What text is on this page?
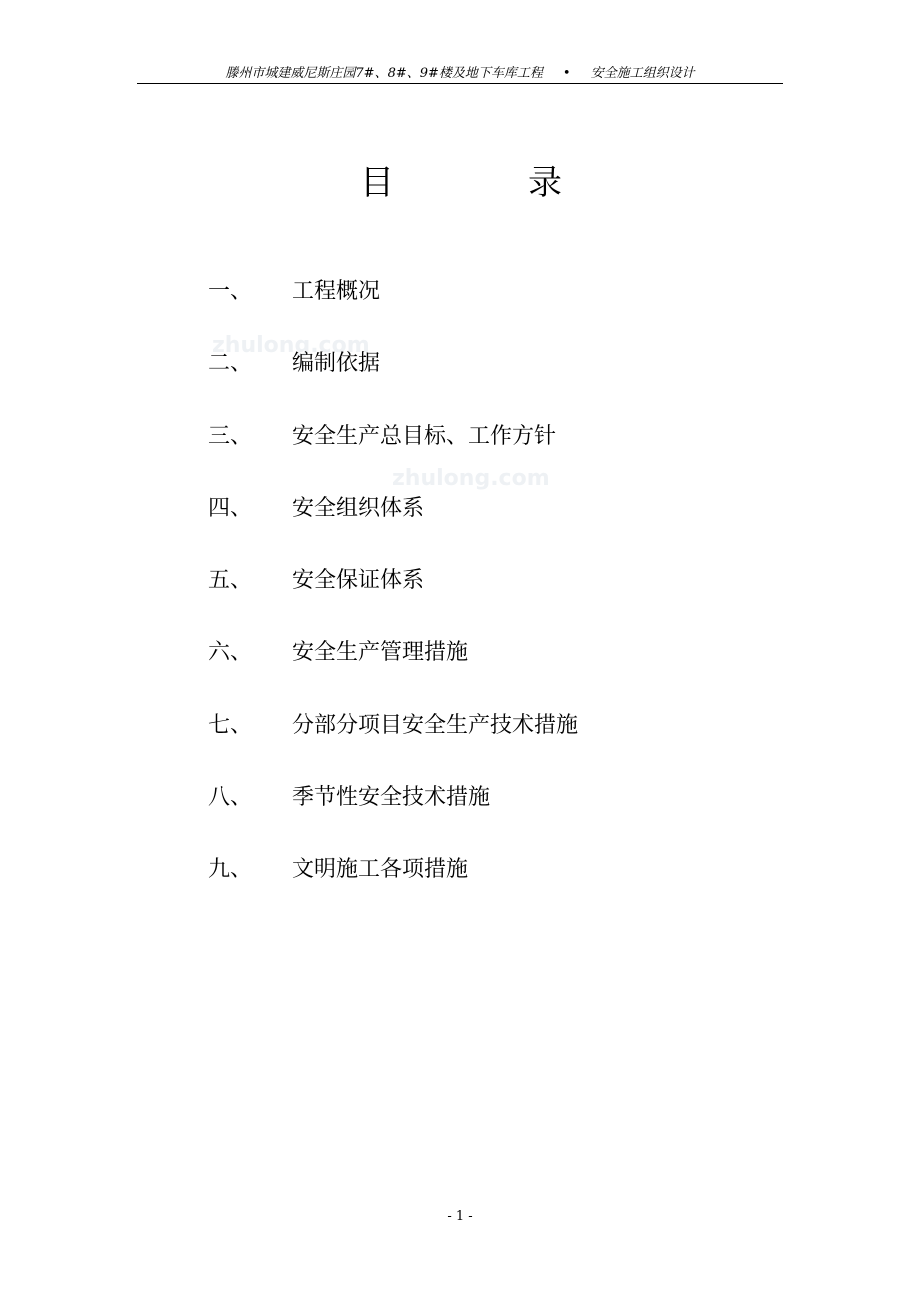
滕州市城建威尼斯庄园7#、8#、9#楼及地下车库工程 • 安全施工组织设计
目	录
zhulong.com
zhulong.com
一、 工程概况
二、 编制依据
三、 安全生产总目标、工作方针
四、 安全组织体系
五、 安全保证体系
六、 安全生产管理措施
七、 分部分项目安全生产技术措施
八、 季节性安全技术措施
九、 文明施工各项措施
- 1 -
